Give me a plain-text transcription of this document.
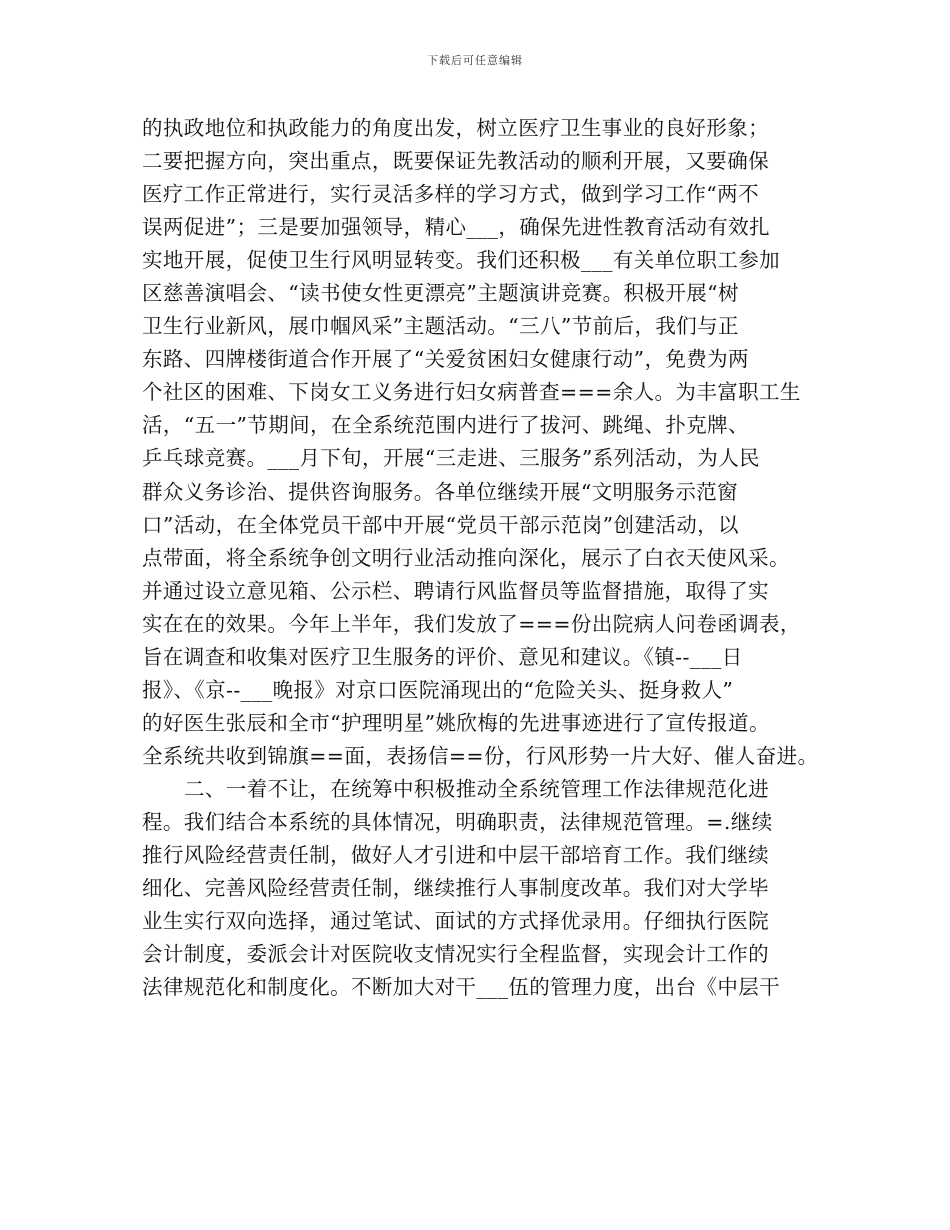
下载后可任意编辑
的执政地位和执政能力的角度出发，树立医疗卫生事业的良好形象；
二要把握方向，突出重点，既要保证先教活动的顺利开展，又要确保
医疗工作正常进行，实行灵活多样的学习方式，做到学习工作“两不
误两促进”；三是要加强领导，精心___，确保先进性教育活动有效扎
实地开展，促使卫生行风明显转变。我们还积极___有关单位职工参加
区慈善演唱会、“读书使女性更漂亮”主题演讲竞赛。积极开展“树
卫生行业新风，展巾帼风采”主题活动。“三八”节前后，我们与正
东路、四牌楼街道合作开展了“关爱贫困妇女健康行动”，免费为两
个社区的困难、下岗女工义务进行妇女病普查===余人。为丰富职工生
活，“五一”节期间，在全系统范围内进行了拔河、跳绳、扑克牌、
乒乓球竞赛。___月下旬，开展“三走进、三服务”系列活动，为人民
群众义务诊治、提供咨询服务。各单位继续开展“文明服务示范窗
口”活动，在全体党员干部中开展“党员干部示范岗”创建活动，以
点带面，将全系统争创文明行业活动推向深化，展示了白衣天使风采。
并通过设立意见箱、公示栏、聘请行风监督员等监督措施，取得了实
实在在的效果。今年上半年，我们发放了===份出院病人问卷函调表，
旨在调查和收集对医疗卫生服务的评价、意见和建议。《镇--___日
报》、《京--___晚报》对京口医院涌现出的“危险关头、挺身救人”
的好医生张辰和全市“护理明星”姚欣梅的先进事迹进行了宣传报道。
全系统共收到锦旗==面，表扬信==份，行风形势一片大好、催人奋进。
二、一着不让，在统筹中积极推动全系统管理工作法律规范化进
程。我们结合本系统的具体情况，明确职责，法律规范管理。=.继续
推行风险经营责任制，做好人才引进和中层干部培育工作。我们继续
细化、完善风险经营责任制，继续推行人事制度改革。我们对大学毕
业生实行双向选择，通过笔试、面试的方式择优录用。仔细执行医院
会计制度，委派会计对医院收支情况实行全程监督，实现会计工作的
法律规范化和制度化。不断加大对干___伍的管理力度，出台《中层干
